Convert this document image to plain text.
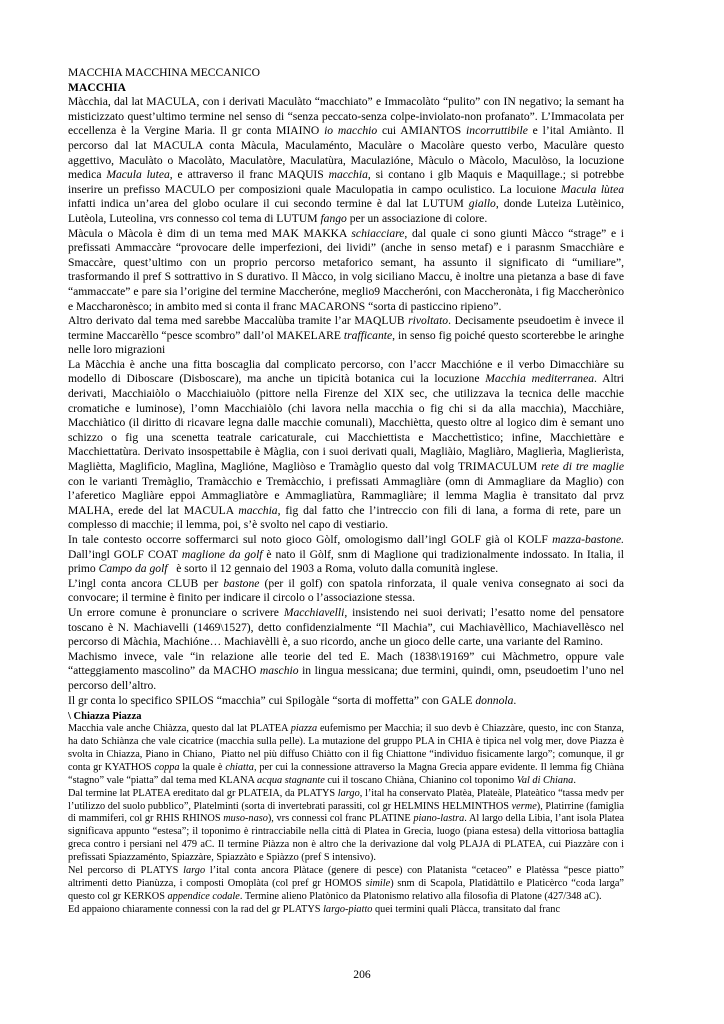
MACCHIA MACCHINA MECCANICO

MACCHIA

Màcchia, dal lat MACULA, con i derivati Maculàto “macchiato” e Immacolàto “pulito” con IN negativo; la semant ha misticizzato quest’ultimo termine nel senso di “senza peccato-senza colpe-inviolato-non profanato”. L’Immacolata per eccellenza è la Vergine Maria. Il gr conta MIAINO io macchio cui AMIANTOS incorruttibile e l’ital Amiànto. Il percorso dal lat MACULA conta Màcula, Maculaménto, Maculàre o Macolàre questo verbo, Maculàre questo aggettivo, Maculàto o Macolàto, Maculatòre, Maculatùra, Maculazióne, Màculo o Màcolo, Maculòso, la locuzione medica Macula lutea, e attraverso il franc MAQUIS macchia, si contano i glb Maquis e Maquillage.; si potrebbe inserire un prefisso MACULO per composizioni quale Maculopatia in campo oculistico. La locuione Macula lùtea infatti indica un’area del globo oculare il cui secondo termine è dal lat LUTUM giallo, donde Luteiza Lutèinico, Lutèola, Luteolina, vrs connesso col tema di LUTUM fango per un associazione di colore.

Màcula o Màcola è dim di un tema med MAK MAKKA schiacciare, dal quale ci sono giunti Màcco “strage” e i prefissati Ammaccàre “provocare delle imperfezioni, dei lividi” (anche in senso metaf) e i parasnm Smacchiàre e Smaccàre, quest’ultimo con un proprio percorso metaforico semant, ha assunto il significato di “umiliare”, trasformando il pref S sottrattivo in S durativo. Il Màcco, in volg siciliano Maccu, è inoltre una pietanza a base di fave “ammaccate” e pare sia l’origine del termine Maccheróne, meglio9 Maccheróni, con Maccheronàta, i fig Maccherònico e Maccharonèsco; in ambito med si conta il franc MACARONS “sorta di pasticcino ripieno”.

Altro derivato dal tema med sarebbe Maccalùba tramite l’ar MAQLUB rivoltato. Decisamente pseudoetim è invece il termine Maccarèllo “pesce scombro” dall’ol MAKELARE trafficante, in senso fig poiché questo scorterebbe le aringhe nelle loro migrazioni

La Màcchia è anche una fitta boscaglia dal complicato percorso, con l’accr Macchióne e il verbo Dimacchiàre su modello di Diboscare (Disboscare), ma anche un tipicità botanica cui la locuzione Macchia mediterranea. Altri derivati, Macchiaiòlo o Macchiaiuòlo (pittore nella Firenze del XIX sec, che utilizzava la tecnica delle macchie cromatiche e luminose), l’omn Macchiaiòlo (chi lavora nella macchia o fig chi si da alla macchia), Macchiàre, Macchiàtico (il diritto di ricavare legna dalle macchie comunali), Macchiètta, questo oltre al logico dim è semant uno schizzo o fig una scenetta teatrale caricaturale, cui Macchiettista e Macchettìstico; infine, Macchiettàre e Macchiettatùra. Derivato insospettabile è Màglia, con i suoi derivati quali, Magliàio, Magliàro, Maglierìa, Maglierìsta, Magliètta, Maglifìcio, Maglìna, Maglióne, Magliòso e Tramàglio questo dal volg TRIMACULUM rete di tre maglie con le varianti Tremàglio, Tramàcchio e Tremàcchio, i prefissati Ammagliàre (omn di Ammagliare da Maglio) con l’aferetico Magliàre eppoi Ammagliatòre e Ammagliatùra, Rammagliàre; il lemma Maglia è transitato dal prvz MALHA, erede del lat MACULA macchia, fig dal fatto che l’intreccio con fili di lana, a forma di rete, pare un  complesso di macchie; il lemma, poi, s’è svolto nel capo di vestiario.

In tale contesto occorre soffermarci sul noto gioco Gòlf, omologismo dall’ingl GOLF già ol KOLF mazza-bastone. Dall’ingl GOLF COAT maglione da golf è nato il Gòlf, snm di Maglione qui tradizionalmente indossato. In Italia, il primo Campo da golf   è sorto il 12 gennaio del 1903 a Roma, voluto dalla comunità inglese.

L’ingl conta ancora CLUB per bastone (per il golf) con spatola rinforzata, il quale veniva consegnato ai soci da convocare; il termine è finito per indicare il circolo o l’associazione stessa.

Un errore comune è pronunciare o scrivere Macchiavelli, insistendo nei suoi derivati; l’esatto nome del pensatore toscano è N. Machiavelli (1469\1527), detto confidenzialmente “Il Machia”, cui Machiavèllico, Machiavellèsco nel percorso di Màchia, Machióne… Machiavèlli è, a suo ricordo, anche un gioco delle carte, una variante del Ramino.

Machismo invece, vale “in relazione alle teorie del ted E. Mach (1838\19169” cui Màchmetro, oppure vale “atteggiamento mascolino” da MACHO maschio in lingua messicana; due termini, quindi, omn, pseudoetim l’uno nel percorso dell’altro.

Il gr conta lo specifico SPILOS “macchia” cui Spilogàle “sorta di moffetta” con GALE donnola.

\ Chiazza Piazza

Macchia vale anche Chiàzza, questo dal lat PLATEA piazza eufemismo per Macchia; il suo devb è Chiazzàre, questo, inc con Stanza, ha dato Schiànza che vale cicatrice (macchia sulla pelle). La mutazione del gruppo PLA in CHIA è tipica nel volg mer, dove Piazza è svolta in Chiazza, Piano in Chiano,  Piatto nel più diffuso Chiàtto con il fig Chiattone “individuo fisicamente largo”; comunque, il gr conta gr KYATHOS coppa la quale è chiatta, per cui la connessione attraverso la Magna Grecia appare evidente. Il lemma fig Chiàna “stagno” vale “piatta” dal tema med KLANA acqua stagnante cui il toscano Chiàna, Chianino col toponimo Val di Chiana.

Dal termine lat PLATEA ereditato dal gr PLATEIA, da PLATYS largo, l’ital ha conservato Platèa, Plateàle, Plateàtico “tassa medv per l’utilizzo del suolo pubblico”, Platelminti (sorta di invertebrati parassiti, col gr HELMINS HELMINTHOS verme), Platirrine (famiglia di mammiferi, col gr RHIS RHINOS muso-naso), vrs connessi col franc PLATINE piano-lastra. Al largo della Libia, l’ant isola Platea significava appunto “estesa”; il toponimo è rintracciabile nella città di Platea in Grecia, luogo (piana estesa) della vittoriosa battaglia greca contro i persiani nel 479 aC. Il termine Piàzza non è altro che la derivazione dal volg PLAJA di PLATEA, cui Piazzàre con i prefissati Spiazzaménto, Spiazzàre, Spiazzàto e Spiàzzo (pref S intensivo).

Nel percorso di PLATYS largo l’ital conta ancora Plàtace (genere di pesce) con Platanista “cetaceo” e Platèssa “pesce piatto” altrimenti detto Pianùzza, i composti Omoplàta (col pref gr HOMOS simile) snm di Scapola, Platidàttilo e Platicèrco “coda larga” questo col gr KERKOS appendice codale. Termine alieno Platònico da Platonismo relativo alla filosofia di Platone (427/348 aC).

Ed appaiono chiaramente connessi con la rad del gr PLATYS largo-piatto quei termini quali Plàcca, transitato dal franc

206
